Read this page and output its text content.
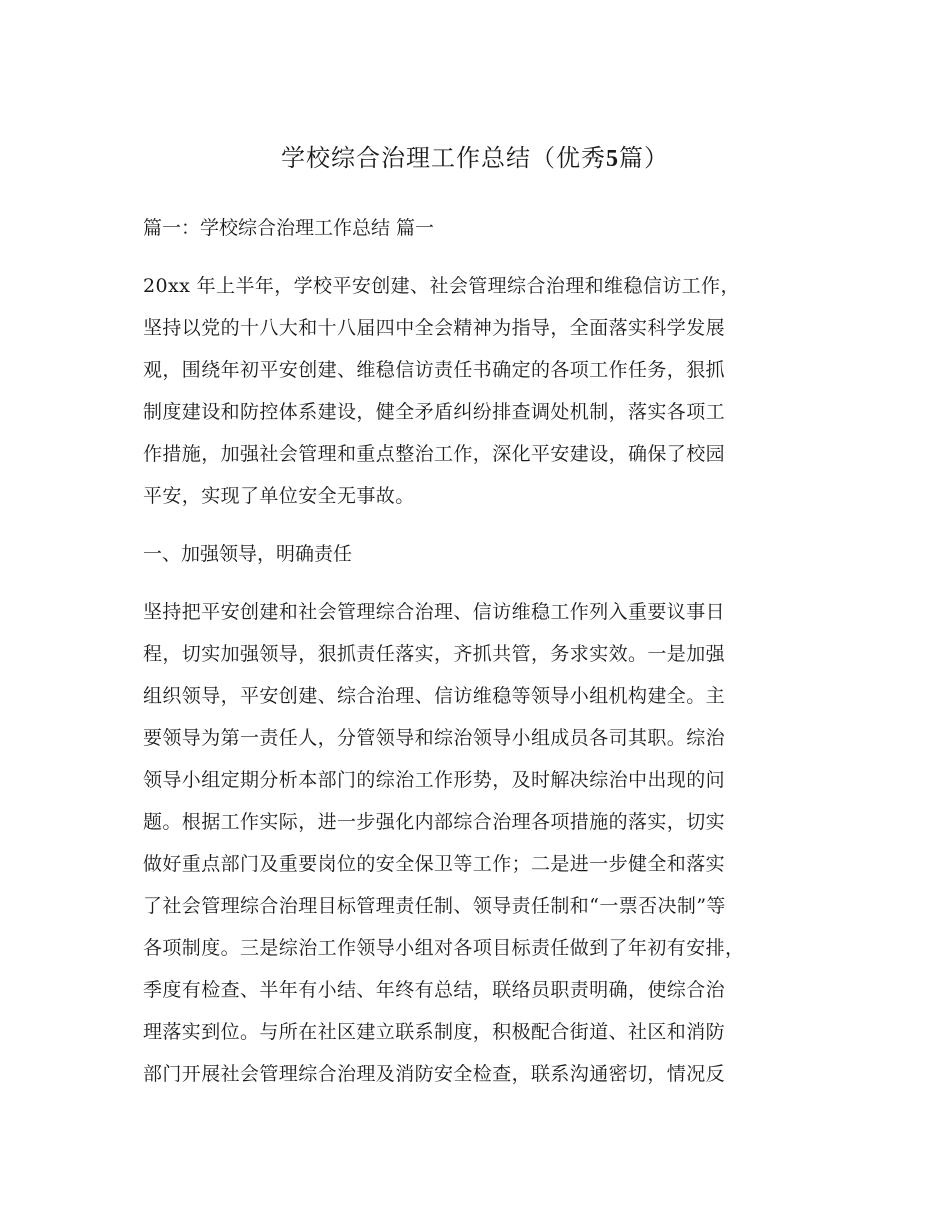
学校综合治理工作总结（优秀5篇）
篇一：学校综合治理工作总结 篇一
20xx 年上半年，学校平安创建、社会管理综合治理和维稳信访工作，
坚持以党的十八大和十八届四中全会精神为指导，全面落实科学发展
观，围绕年初平安创建、维稳信访责任书确定的各项工作任务，狠抓
制度建设和防控体系建设，健全矛盾纠纷排查调处机制，落实各项工
作措施，加强社会管理和重点整治工作，深化平安建设，确保了校园
平安，实现了单位安全无事故。
一、加强领导，明确责任
坚持把平安创建和社会管理综合治理、信访维稳工作列入重要议事日
程，切实加强领导，狠抓责任落实，齐抓共管，务求实效。一是加强
组织领导，平安创建、综合治理、信访维稳等领导小组机构建全。主
要领导为第一责任人，分管领导和综治领导小组成员各司其职。综治
领导小组定期分析本部门的综治工作形势，及时解决综治中出现的问
题。根据工作实际，进一步强化内部综合治理各项措施的落实，切实
做好重点部门及重要岗位的安全保卫等工作；二是进一步健全和落实
了社会管理综合治理目标管理责任制、领导责任制和“一票否决制”等
各项制度。三是综治工作领导小组对各项目标责任做到了年初有安排，
季度有检查、半年有小结、年终有总结，联络员职责明确，使综合治
理落实到位。与所在社区建立联系制度，积极配合街道、社区和消防
部门开展社会管理综合治理及消防安全检查，联系沟通密切，情况反
